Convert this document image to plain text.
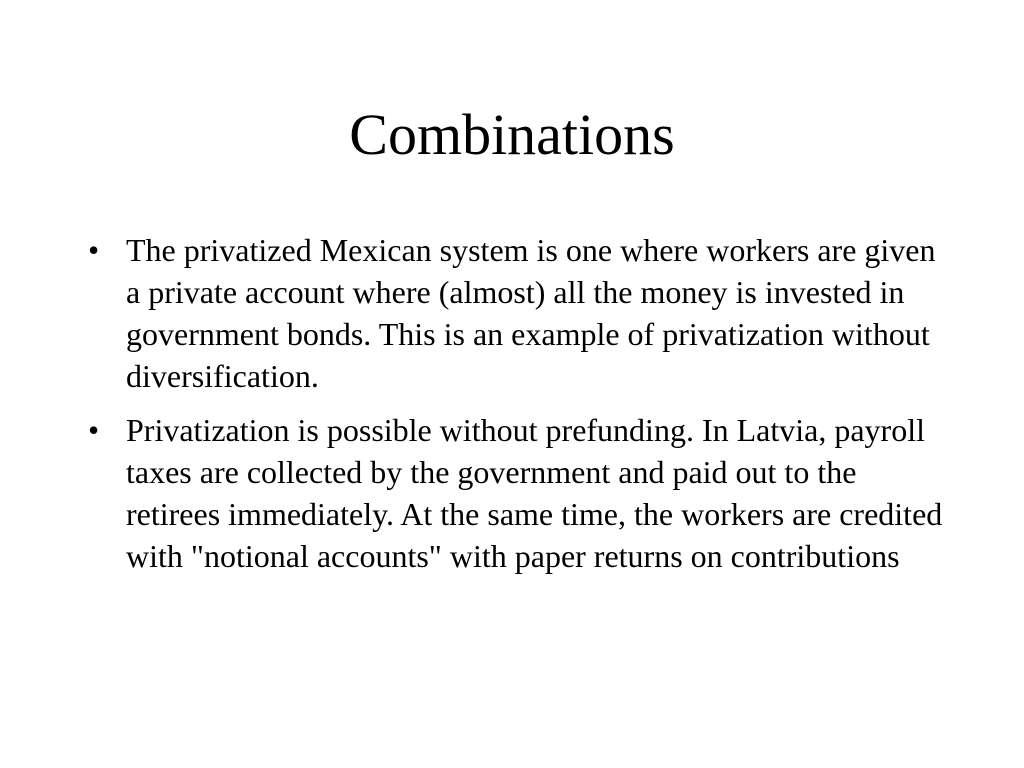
Combinations
• The privatized Mexican system is one where workers are given a private account where (almost) all the money is invested in government bonds. This is an example of privatization without diversification.
• Privatization is possible without prefunding. In Latvia, payroll taxes are collected by the government and paid out to the retirees immediately. At the same time, the workers are credited with "notional accounts" with paper returns on contributions
